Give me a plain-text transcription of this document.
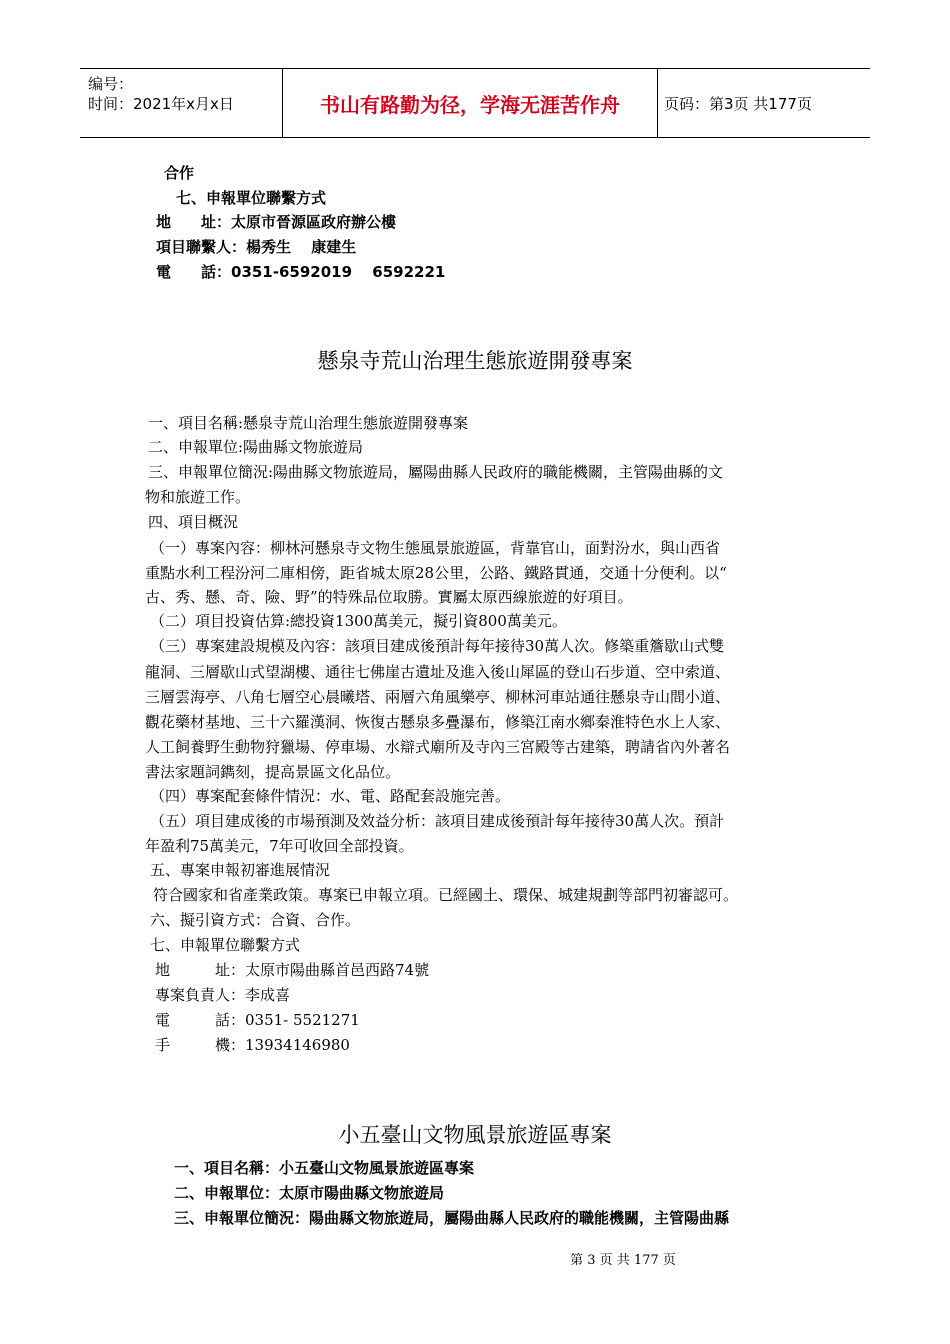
编号：
时间：2021年x月x日	书山有路勤为径，学海无涯苦作舟	页码：第3页 共177页
合作
七、申報單位聯繫方式
地　　址：太原市晉源區政府辦公樓
項目聯繫人：楊秀生　 康建生
電　　話：0351-6592019　 6592221
懸泉寺荒山治理生態旅遊開發專案
一、項目名稱:懸泉寺荒山治理生態旅遊開發專案
二、申報單位:陽曲縣文物旅遊局
三、申報單位簡況:陽曲縣文物旅遊局，屬陽曲縣人民政府的職能機關，主管陽曲縣的文
物和旅遊工作。
四、項目概況
（一）專案內容：柳林河懸泉寺文物生態風景旅遊區，背靠官山，面對汾水，與山西省
重點水利工程汾河二庫相傍，距省城太原28公里，公路、鐵路貫通，交通十分便利。以“
古、秀、懸、奇、險、野”的特殊品位取勝。實屬太原西線旅遊的好項目。
（二）項目投資估算:總投資1300萬美元，擬引資800萬美元。
（三）專案建設規模及內容：該項目建成後預計每年接待30萬人次。修築重簷歇山式雙
龍洞、三層歇山式望湖樓、通往七佛崖古遺址及進入後山犀區的登山石步道、空中索道、
三層雲海亭、八角七層空心晨曦塔、兩層六角風樂亭、柳林河車站通往懸泉寺山間小道、
觀花藥材基地、三十六羅漢洞、恢復古懸泉多疊瀑布，修築江南水鄉秦淮特色水上人家、
人工飼養野生動物狩獵場、停車場、水辯式廟所及寺內三宮殿等古建築，聘請省內外著名
書法家題詞鐫刻，提高景區文化品位。
（四）專案配套條件情況：水、電、路配套設施完善。
（五）項目建成後的市場預測及效益分析：該項目建成後預計每年接待30萬人次。預計
年盈利75萬美元，7年可收回全部投資。
五、專案申報初審進展情況
符合國家和省產業政策。專案已申報立項。已經國土、環保、城建規劃等部門初審認可。
六、擬引資方式：合資、合作。
七、申報單位聯繫方式
地　　　址：太原市陽曲縣首邑西路74號
專案負責人：李成喜
電　　　話：0351- 5521271
手　　　機：13934146980
小五臺山文物風景旅遊區專案
一、項目名稱：小五臺山文物風景旅遊區專案
二、申報單位：太原市陽曲縣文物旅遊局
三、申報單位簡況：陽曲縣文物旅遊局，屬陽曲縣人民政府的職能機關，主管陽曲縣
第 3 页 共 177 页
